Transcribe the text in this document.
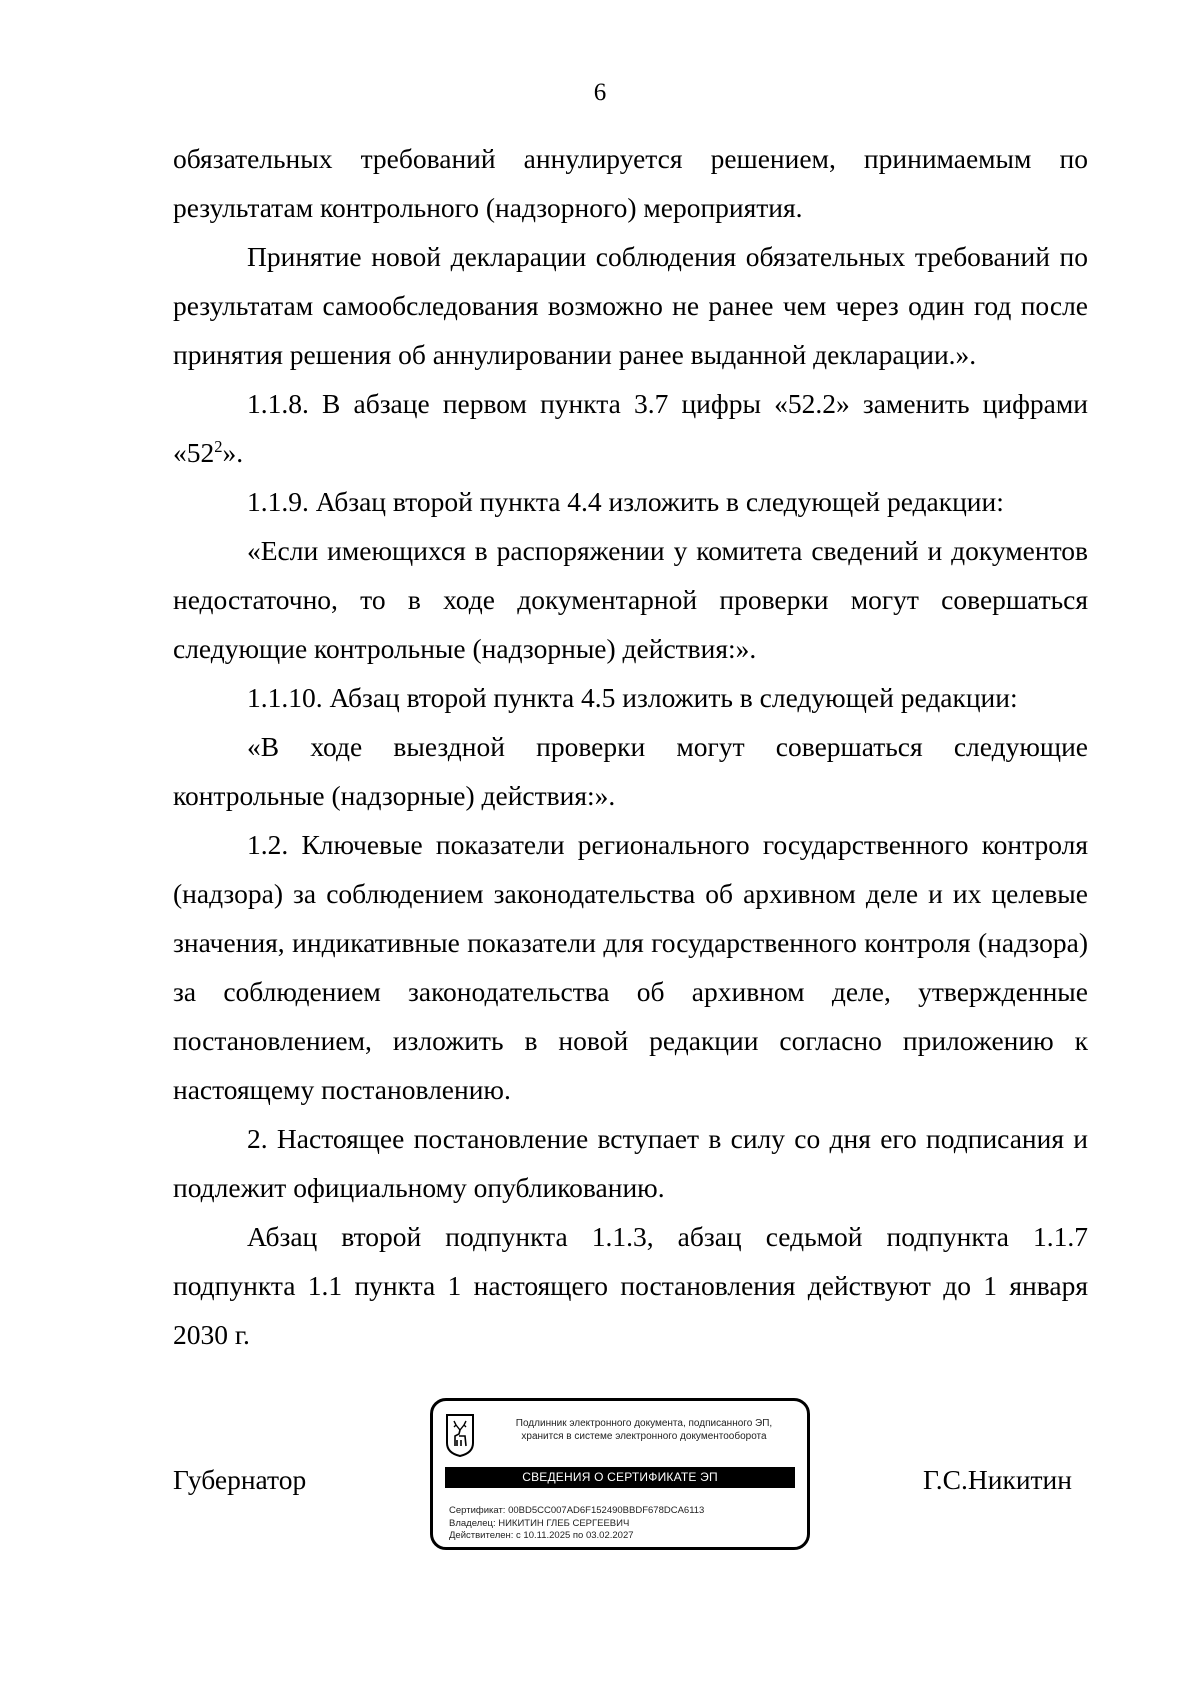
6

обязательных требований аннулируется решением, принимаемым по результатам контрольного (надзорного) мероприятия.

Принятие новой декларации соблюдения обязательных требований по результатам самообследования возможно не ранее чем через один год после принятия решения об аннулировании ранее выданной декларации.».

1.1.8. В абзаце первом пункта 3.7 цифры «52.2» заменить цифрами «$52^2$».

1.1.9. Абзац второй пункта 4.4 изложить в следующей редакции:

«Если имеющихся в распоряжении у комитета сведений и документов недостаточно, то в ходе документарной проверки могут совершаться следующие контрольные (надзорные) действия:».

1.1.10. Абзац второй пункта 4.5 изложить в следующей редакции:

«В ходе выездной проверки могут совершаться следующие контрольные (надзорные) действия:».

1.2. Ключевые показатели регионального государственного контроля (надзора) за соблюдением законодательства об архивном деле и их целевые значения, индикативные показатели для государственного контроля (надзора) за соблюдением законодательства об архивном деле, утвержденные постановлением, изложить в новой редакции согласно приложению к настоящему постановлению.

2. Настоящее постановление вступает в силу со дня его подписания и подлежит официальному опубликованию.

Абзац второй подпункта 1.1.3, абзац седьмой подпункта 1.1.7 подпункта 1.1 пункта 1 настоящего постановления действуют до 1 января 2030 г.

Губернатор	Г.С.Никитин
Подлинник электронного документа, подписанного ЭП,
хранится в системе электронного документооборота
СВЕДЕНИЯ О СЕРТИФИКАТЕ ЭП
Сертификат: 00BD5CC007AD6F152490BBDF678DCA6113
Владелец: НИКИТИН ГЛЕБ СЕРГЕЕВИЧ
Действителен: с 10.11.2025 по 03.02.2027
